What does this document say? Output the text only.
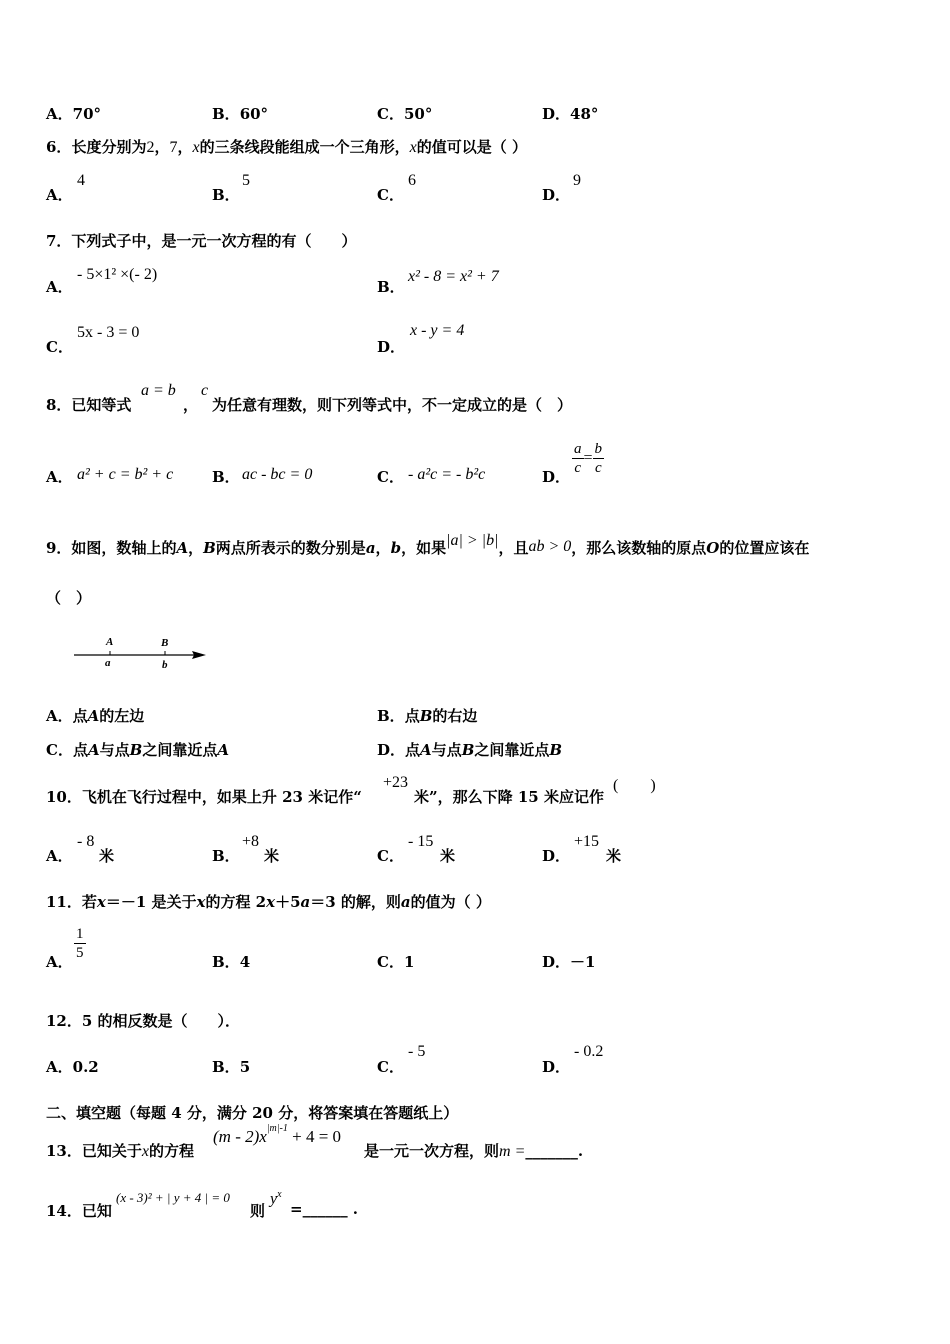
A．70°	B．60°	C．50°	D．48°
6．长度分别为2，7，x的三条线段能组成一个三角形，x的值可以是（ ）
A．
4
B．
5
C．
6
D．
9
7．下列式子中，是一元一次方程的有（　　）
A．
- 5×1² ×(- 2)
B．
x² - 8 = x² + 7
C．
5x - 3 = 0
D．
x - y = 4
8．已知等式
a = b
，
c
为任意有理数，则下列等式中，不一定成立的是（　）
A． a² + c = b² + c	B． ac - bc = 0	C． - a²c = - b²c	D． $\frac{a}{c} = \frac{b}{c}$
9．如图，数轴上的A，B两点所表示的数分别是a，b，如果|a| > |b|，且ab > 0，那么该数轴的原点O的位置应该在
（　）
A	B
a	b
A．点A的左边	B．点B的右边
C．点A与点B之间靠近点A	D．点A与点B之间靠近点B
10．飞机在飞行过程中，如果上升 23 米记作“
+23
米”，那么下降 15 米应记作
(　　)
A．
- 8
米	B．
+8
米	C．
- 15
米	D．
+15
米
11．若x＝－1 是关于x的方程 2x＋5a＝3 的解，则a的值为（ ）
A． $\frac{1}{5}$	B．4	C．1	D．－1
12．5 的相反数是（　　）．
A．0.2	B．5	C．
- 5
D．
- 0.2
二、填空题（每题 4 分，满分 20 分，将答案填在答题纸上）
13．已知关于x的方程
$(m - 2)x^{|m|-1} + 4 = 0$
是一元一次方程，则m =_______.
14．已知
(x - 3)² + | y + 4 | = 0
则
$y^x$
=______ .
